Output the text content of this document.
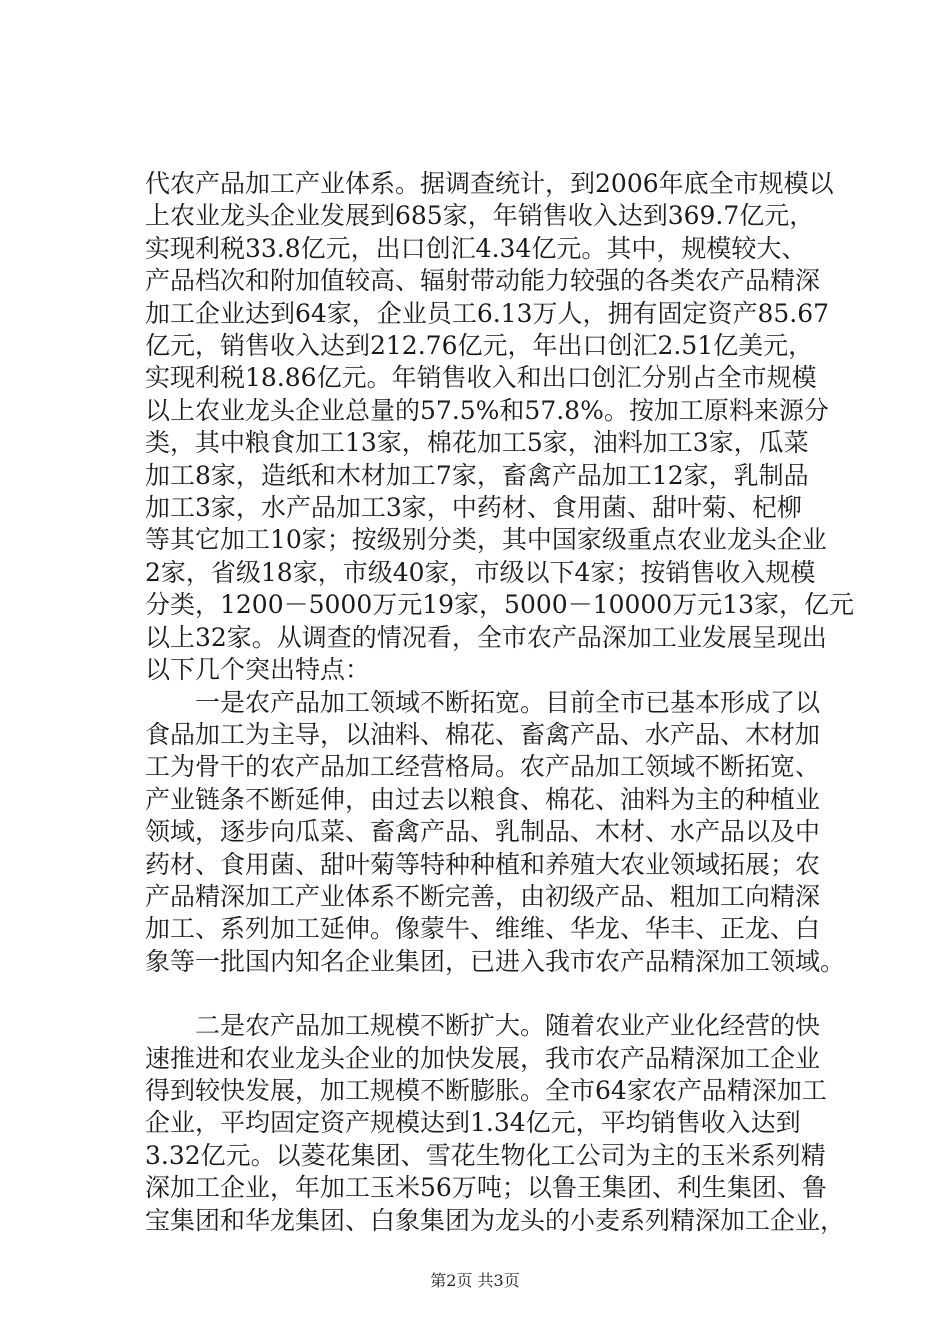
代农产品加工产业体系。据调查统计，到2006年底全市规模以
上农业龙头企业发展到685家，年销售收入达到369.7亿元，
实现利税33.8亿元，出口创汇4.34亿元。其中，规模较大、
产品档次和附加值较高、辐射带动能力较强的各类农产品精深
加工企业达到64家，企业员工6.13万人，拥有固定资产85.67
亿元，销售收入达到212.76亿元，年出口创汇2.51亿美元，
实现利税18.86亿元。年销售收入和出口创汇分别占全市规模
以上农业龙头企业总量的57.5%和57.8%。按加工原料来源分
类，其中粮食加工13家，棉花加工5家，油料加工3家，瓜菜
加工8家，造纸和木材加工7家，畜禽产品加工12家，乳制品
加工3家，水产品加工3家，中药材、食用菌、甜叶菊、杞柳
等其它加工10家；按级别分类，其中国家级重点农业龙头企业
2家，省级18家，市级40家，市级以下4家；按销售收入规模
分类，1200－5000万元19家，5000－10000万元13家，亿元
以上32家。从调查的情况看，全市农产品深加工业发展呈现出
以下几个突出特点：

　　一是农产品加工领域不断拓宽。目前全市已基本形成了以
食品加工为主导，以油料、棉花、畜禽产品、水产品、木材加
工为骨干的农产品加工经营格局。农产品加工领域不断拓宽、
产业链条不断延伸，由过去以粮食、棉花、油料为主的种植业
领域，逐步向瓜菜、畜禽产品、乳制品、木材、水产品以及中
药材、食用菌、甜叶菊等特种种植和养殖大农业领域拓展；农
产品精深加工产业体系不断完善，由初级产品、粗加工向精深
加工、系列加工延伸。像蒙牛、维维、华龙、华丰、正龙、白
象等一批国内知名企业集团，已进入我市农产品精深加工领域。

　　二是农产品加工规模不断扩大。随着农业产业化经营的快
速推进和农业龙头企业的加快发展，我市农产品精深加工企业
得到较快发展，加工规模不断膨胀。全市64家农产品精深加工
企业，平均固定资产规模达到1.34亿元，平均销售收入达到
3.32亿元。以菱花集团、雪花生物化工公司为主的玉米系列精
深加工企业，年加工玉米56万吨；以鲁王集团、利生集团、鲁
宝集团和华龙集团、白象集团为龙头的小麦系列精深加工企业，

第2页 共3页
